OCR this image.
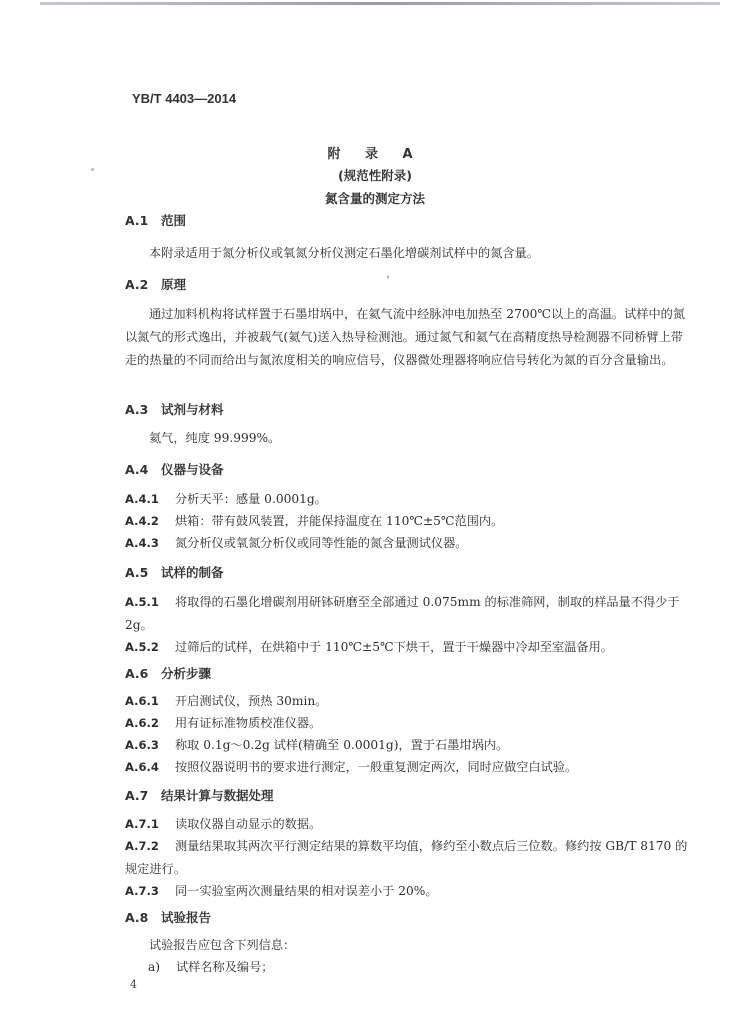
YB/T 4403—2014
附 录 A
(规范性附录)
氮含量的测定方法
A.1 范围
本附录适用于氮分析仪或氧氮分析仪测定石墨化增碳剂试样中的氮含量。
A.2 原理
通过加料机构将试样置于石墨坩埚中，在氦气流中经脉冲电加热至 2700℃以上的高温。试样中的氮以氮气的形式逸出，并被载气(氦气)送入热导检测池。通过氮气和氦气在高精度热导检测器不同桥臂上带走的热量的不同而给出与氮浓度相关的响应信号，仪器微处理器将响应信号转化为氮的百分含量输出。
A.3 试剂与材料
氦气，纯度 99.999%。
A.4 仪器与设备
A.4.1 分析天平：感量 0.0001g。
A.4.2 烘箱：带有鼓风装置，并能保持温度在 110℃±5℃范围内。
A.4.3 氮分析仪或氧氮分析仪或同等性能的氮含量测试仪器。
A.5 试样的制备
A.5.1 将取得的石墨化增碳剂用研钵研磨至全部通过 0.075mm 的标准筛网，制取的样品量不得少于 2g。
A.5.2 过筛后的试样，在烘箱中于 110℃±5℃下烘干，置于干燥器中冷却至室温备用。
A.6 分析步骤
A.6.1 开启测试仪，预热 30min。
A.6.2 用有证标准物质校准仪器。
A.6.3 称取 0.1g～0.2g 试样(精确至 0.0001g)，置于石墨坩埚内。
A.6.4 按照仪器说明书的要求进行测定，一般重复测定两次，同时应做空白试验。
A.7 结果计算与数据处理
A.7.1 读取仪器自动显示的数据。
A.7.2 测量结果取其两次平行测定结果的算数平均值，修约至小数点后三位数。修约按 GB/T 8170 的规定进行。
A.7.3 同一实验室两次测量结果的相对误差小于 20%。
A.8 试验报告
试验报告应包含下列信息：
a) 试样名称及编号；
4
